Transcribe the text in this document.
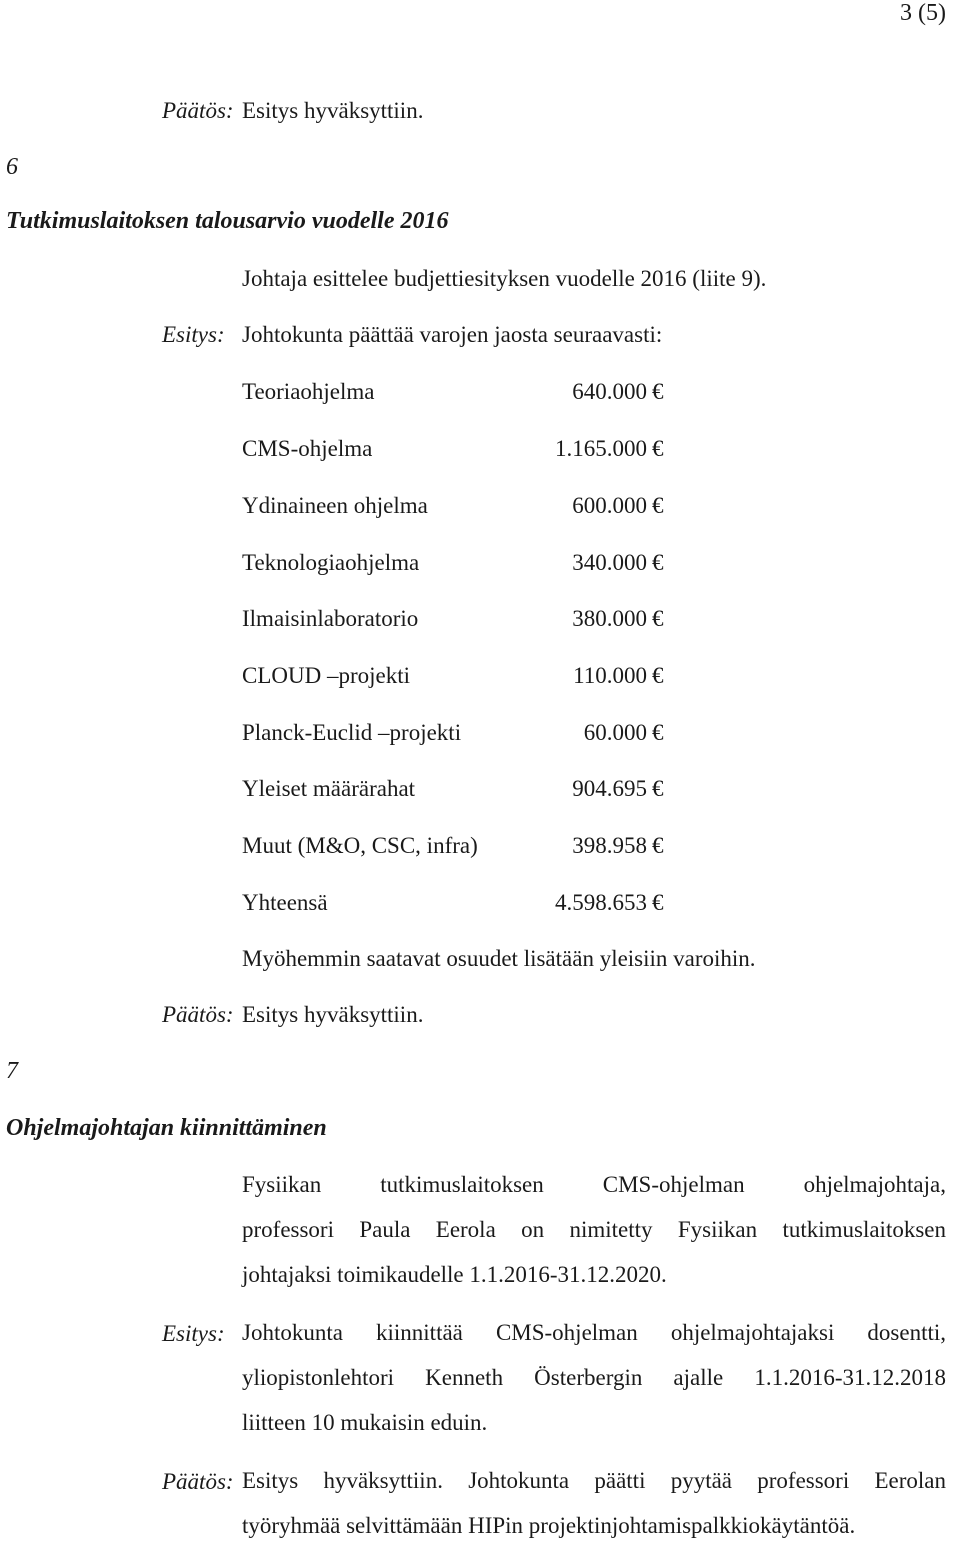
3 (5)
Päätös: Esitys hyväksyttiin.
6
Tutkimuslaitoksen talousarvio vuodelle 2016
Johtaja esittelee budjettiesityksen vuodelle 2016 (liite 9).
Esitys: Johtokunta päättää varojen jaosta seuraavasti:
Teoriaohjelma	640.000 €
CMS-ohjelma	1.165.000 €
Ydinaineen ohjelma	600.000 €
Teknologiaohjelma	340.000 €
Ilmaisinlaboratorio	380.000 €
CLOUD –projekti	110.000 €
Planck-Euclid –projekti	60.000 €
Yleiset määrärahat	904.695 €
Muut (M&O, CSC, infra)	398.958 €
Yhteensä	4.598.653 €
Myöhemmin saatavat osuudet lisätään yleisiin varoihin.
Päätös: Esitys hyväksyttiin.
7
Ohjelmajohtajan kiinnittäminen
Fysiikan tutkimuslaitoksen CMS-ohjelman ohjelmajohtaja,
professori Paula Eerola on nimitetty Fysiikan tutkimuslaitoksen
johtajaksi toimikaudelle 1.1.2016-31.12.2020.
Esitys: Johtokunta kiinnittää CMS-ohjelman ohjelmajohtajaksi dosentti,
yliopistonlehtori Kenneth Österbergin ajalle 1.1.2016-31.12.2018
liitteen 10 mukaisin eduin.
Päätös: Esitys hyväksyttiin. Johtokunta päätti pyytää professori Eerolan
työryhmää selvittämään HIPin projektinjohtamispalkkiokäytäntöä.
